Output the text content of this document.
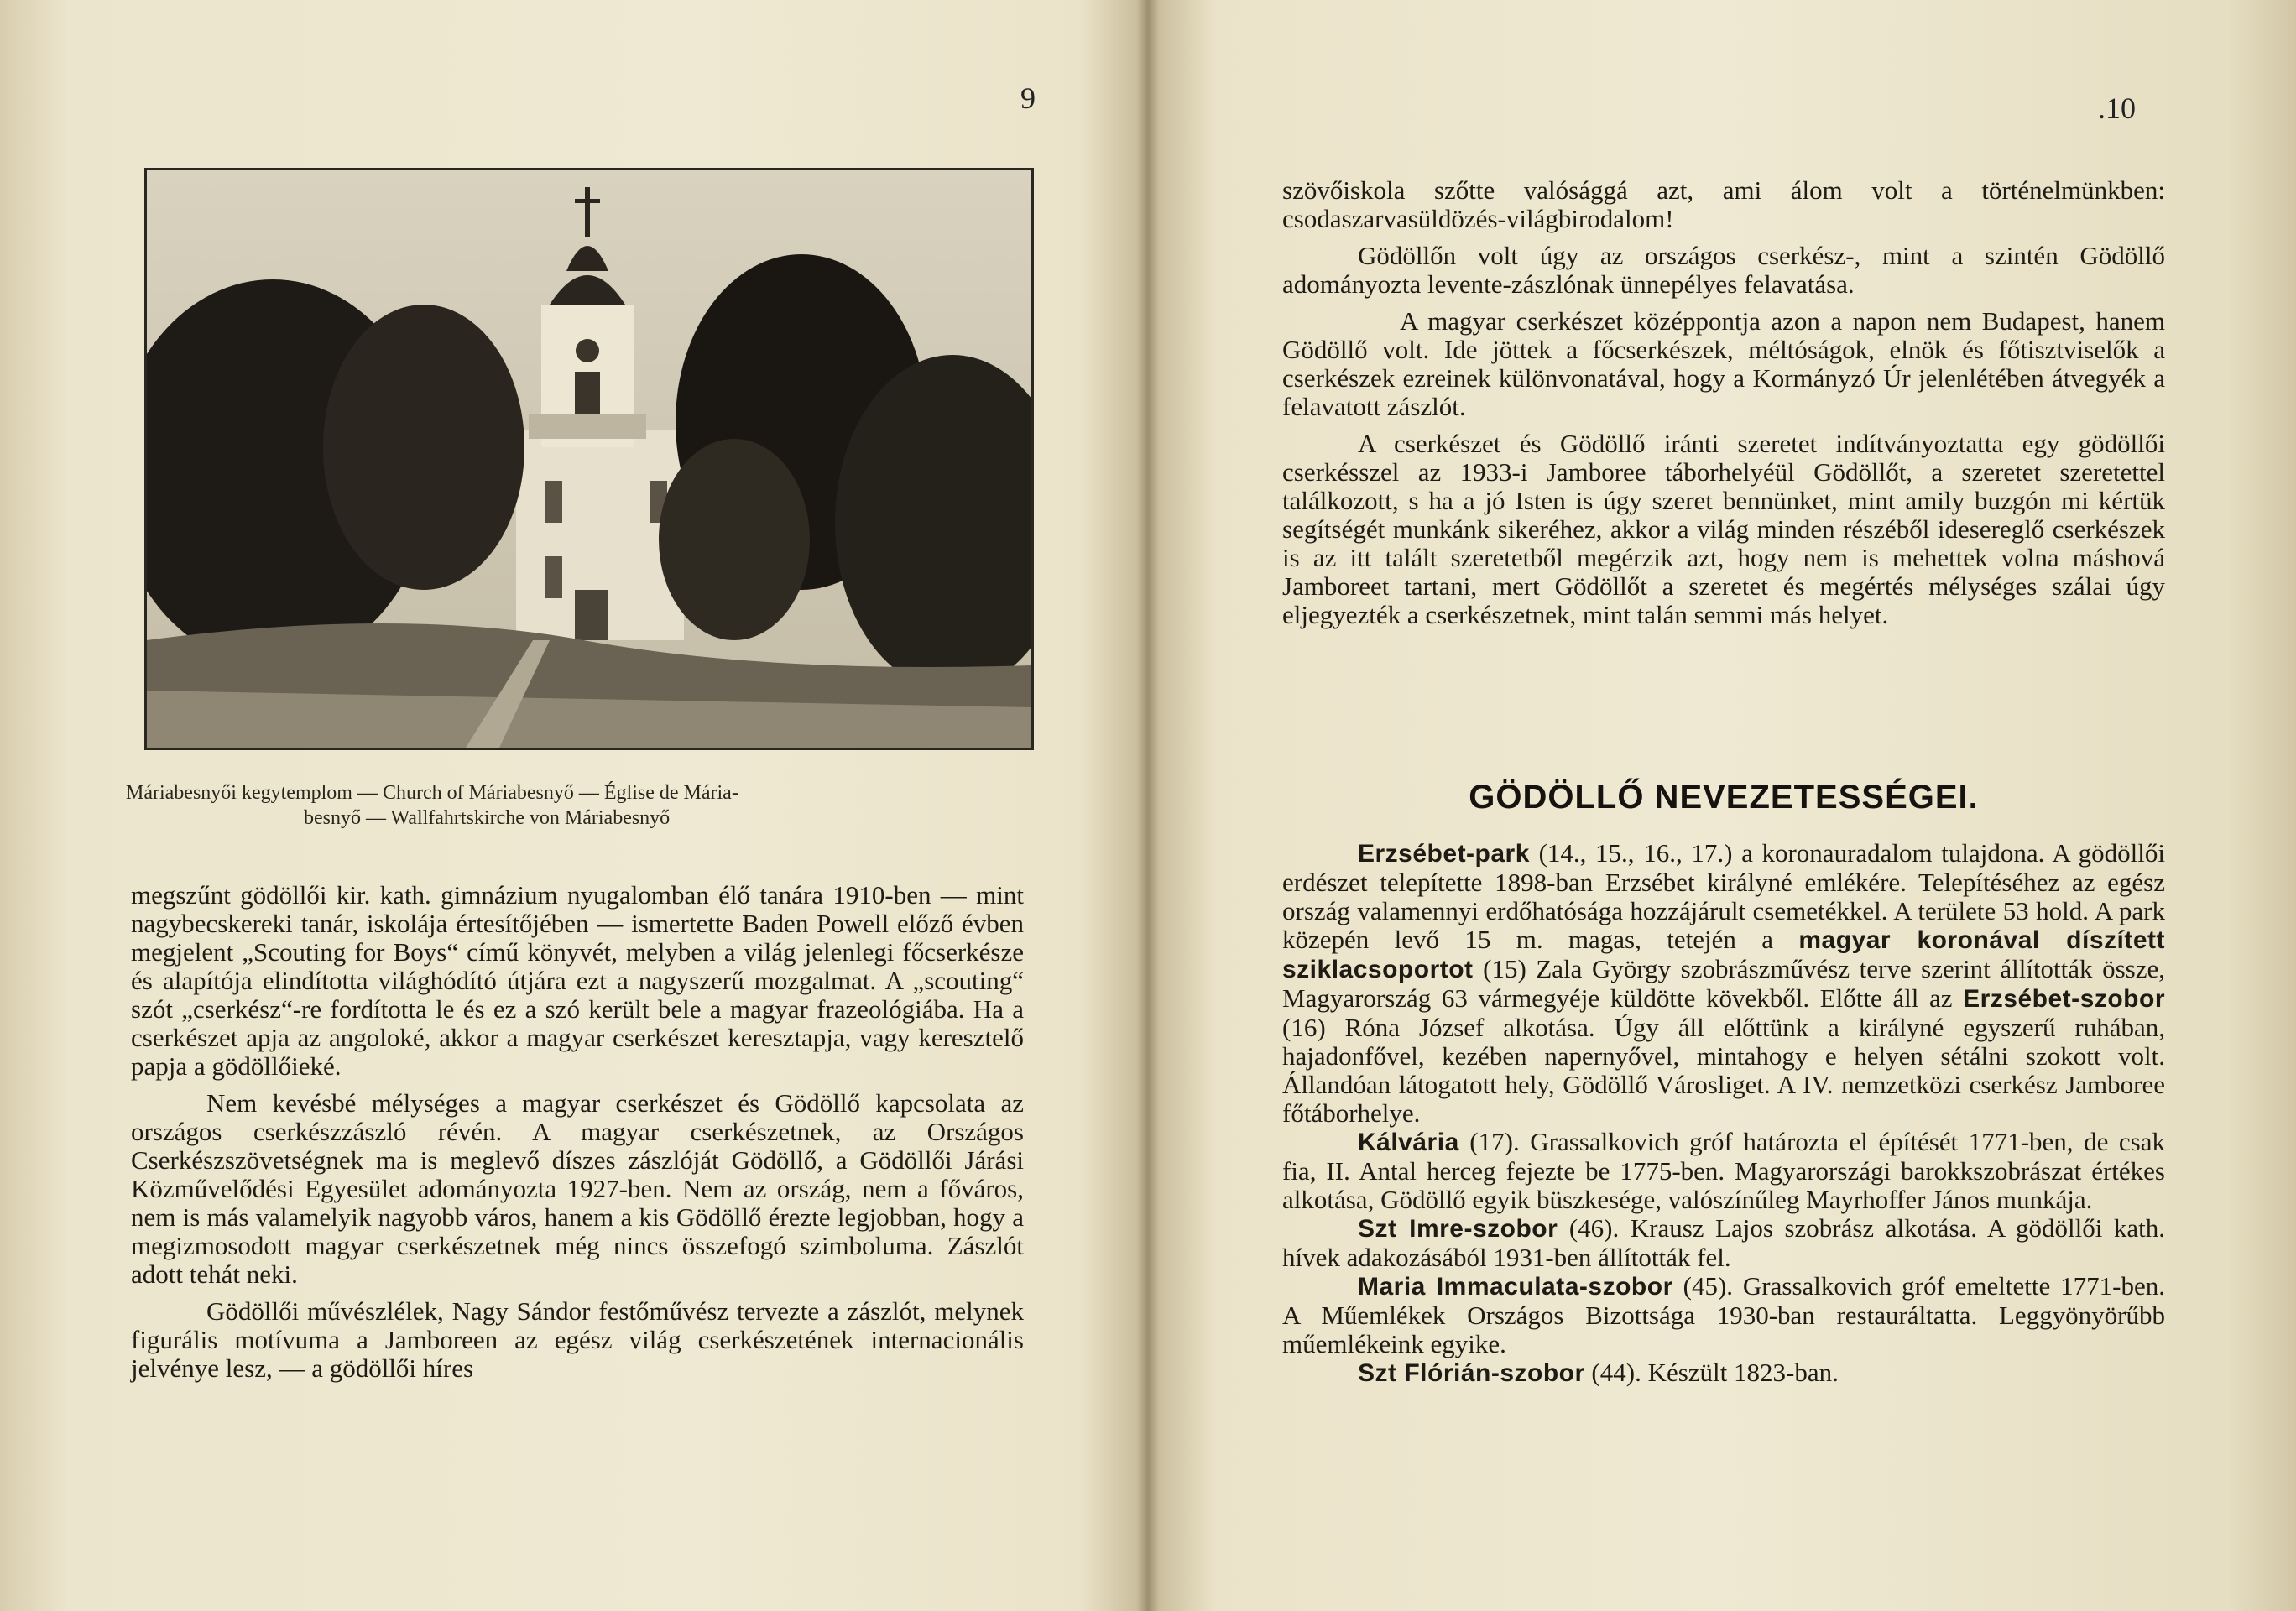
9
Máriabesnyői kegytemplom — Church of Máriabesnyő — Église de Mária-
besnyő — Wallfahrtskirche von Máriabesnyő

megszűnt gödöllői kir. kath. gimnázium nyugalomban élő tanára 1910-ben — mint nagybecskereki tanár, iskolája értesítőjében — ismertette Baden Powell előző évben megjelent „Scouting for Boys“ című könyvét, melyben a világ jelenlegi főcserkésze és alapítója elindította világhódító útjára ezt a nagyszerű mozgalmat. A „scouting“ szót „cserkész“-re fordította le és ez a szó került bele a magyar frazeológiába. Ha a cserkészet apja az angoloké, akkor a magyar cserkészet keresztapja, vagy keresztelő papja a gödöllőieké.

Nem kevésbé mélységes a magyar cserkészet és Gödöllő kapcsolata az országos cserkészzászló révén. A magyar cserkészetnek, az Országos Cserkészszövetségnek ma is meglevő díszes zászlóját Gödöllő, a Gödöllői Járási Közművelődési Egyesület adományozta 1927-ben. Nem az ország, nem a főváros, nem is más valamelyik nagyobb város, hanem a kis Gödöllő érezte legjobban, hogy a megizmosodott magyar cserkészetnek még nincs összefogó szimboluma. Zászlót adott tehát neki.

Gödöllői művészlélek, Nagy Sándor festőművész tervezte a zászlót, melynek figurális motívuma a Jamboreen az egész világ cserkészetének internacionális jelvénye lesz, — a gödöllői híres

.10

szövőiskola szőtte valósággá azt, ami álom volt a történelmünkben: csodaszarvasüldözés-világbirodalom!

Gödöllőn volt úgy az országos cserkész-, mint a szintén Gödöllő adományozta levente-zászlónak ünnepélyes felavatása.

A magyar cserkészet középpontja azon a napon nem Budapest, hanem Gödöllő volt. Ide jöttek a főcserkészek, méltóságok, elnök és főtisztviselők a cserkészek ezreinek különvonatával, hogy a Kormányzó Úr jelenlétében átvegyék a felavatott zászlót.

A cserkészet és Gödöllő iránti szeretet indítványoztatta egy gödöllői cserkésszel az 1933-i Jamboree táborhelyéül Gödöllőt, a szeretet szeretettel találkozott, s ha a jó Isten is úgy szeret bennünket, mint amily buzgón mi kértük segítségét munkánk sikeréhez, akkor a világ minden részéből idesereglő cserkészek is az itt talált szeretetből megérzik azt, hogy nem is mehettek volna máshová Jamboreet tartani, mert Gödöllőt a szeretet és megértés mélységes szálai úgy eljegyezték a cserkészetnek, mint talán semmi más helyet.

GÖDÖLLŐ NEVEZETESSÉGEI.

Erzsébet-park (14., 15., 16., 17.) a koronauradalom tulajdona. A gödöllői erdészet telepítette 1898-ban Erzsébet királyné emlékére. Telepítéséhez az egész ország valamennyi erdőhatósága hozzájárult csemetékkel. A területe 53 hold. A park közepén levő 15 m. magas, tetején a magyar koronával díszített sziklacsoportot (15) Zala György szobrászművész terve szerint állították össze, Magyarország 63 vármegyéje küldötte kövekből. Előtte áll az Erzsébet-szobor (16) Róna József alkotása. Úgy áll előttünk a királyné egyszerű ruhában, hajadonfővel, kezében napernyővel, mintahogy e helyen sétálni szokott volt. Állandóan látogatott hely, Gödöllő Városliget. A IV. nemzetközi cserkész Jamboree főtáborhelye.

Kálvária (17). Grassalkovich gróf határozta el építését 1771-ben, de csak fia, II. Antal herceg fejezte be 1775-ben. Magyarországi barokkszobrászat értékes alkotása, Gödöllő egyik büszkesége, valószínűleg Mayrhoffer János munkája.

Szt Imre-szobor (46). Krausz Lajos szobrász alkotása. A gödöllői kath. hívek adakozásából 1931-ben állították fel.

Maria Immaculata-szobor (45). Grassalkovich gróf emeltette 1771-ben. A Műemlékek Országos Bizottsága 1930-ban restauráltatta. Leggyönyörűbb műemlékeink egyike.

Szt Flórián-szobor (44). Készült 1823-ban.
